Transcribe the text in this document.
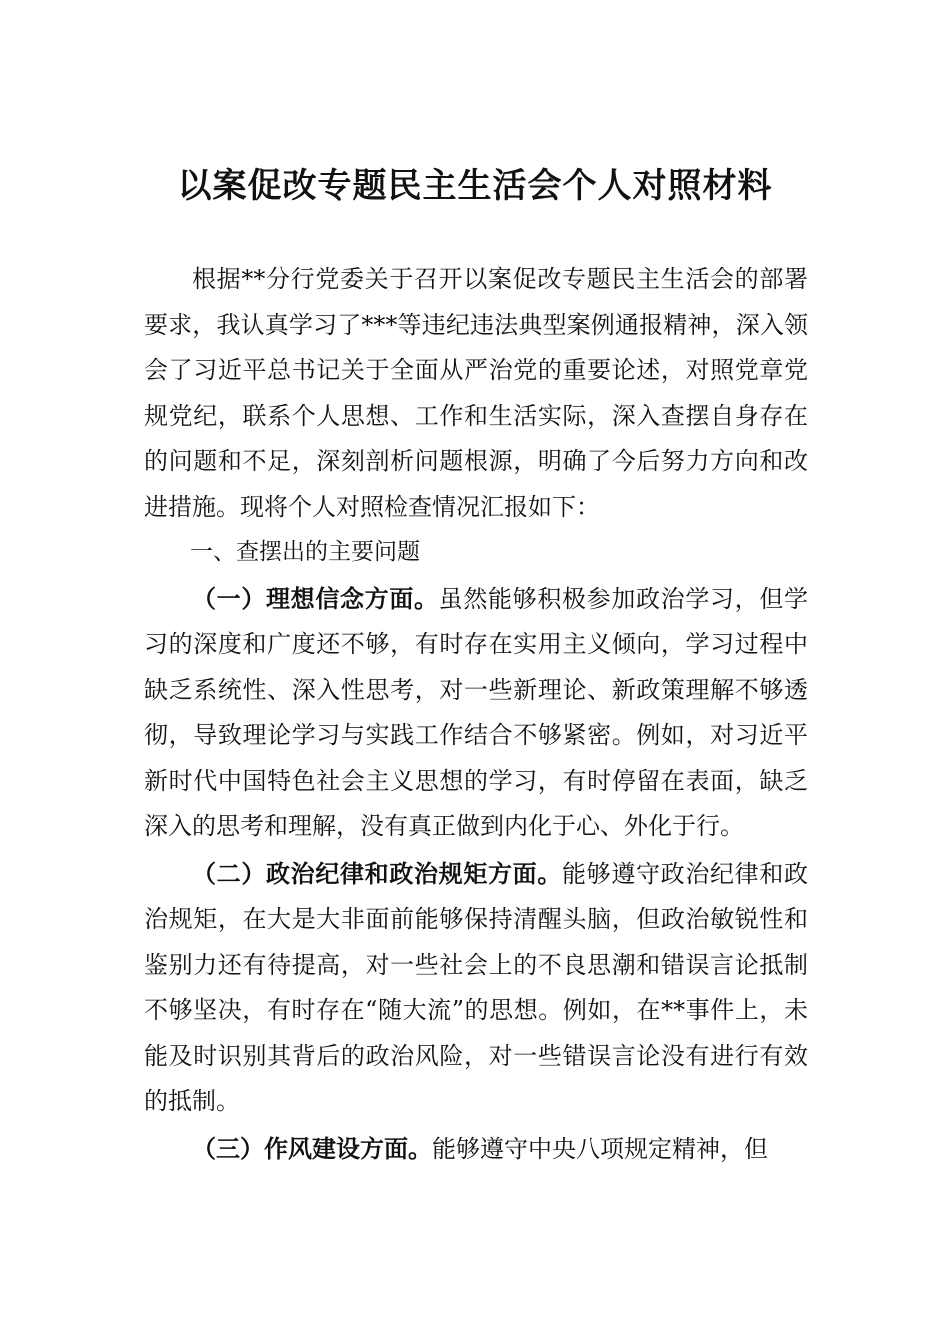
以案促改专题民主生活会个人对照材料

根据**分行党委关于召开以案促改专题民主生活会的部署要求，我认真学习了***等违纪违法典型案例通报精神，深入领会了习近平总书记关于全面从严治党的重要论述，对照党章党规党纪，联系个人思想、工作和生活实际，深入查摆自身存在的问题和不足，深刻剖析问题根源，明确了今后努力方向和改进措施。现将个人对照检查情况汇报如下：

一、查摆出的主要问题

（一）理想信念方面。虽然能够积极参加政治学习，但学习的深度和广度还不够，有时存在实用主义倾向，学习过程中缺乏系统性、深入性思考，对一些新理论、新政策理解不够透彻，导致理论学习与实践工作结合不够紧密。例如，对习近平新时代中国特色社会主义思想的学习，有时停留在表面，缺乏深入的思考和理解，没有真正做到内化于心、外化于行。

（二）政治纪律和政治规矩方面。能够遵守政治纪律和政治规矩，在大是大非面前能够保持清醒头脑，但政治敏锐性和鉴别力还有待提高，对一些社会上的不良思潮和错误言论抵制不够坚决，有时存在“随大流”的思想。例如，在**事件上，未能及时识别其背后的政治风险，对一些错误言论没有进行有效的抵制。

（三）作风建设方面。能够遵守中央八项规定精神，但
